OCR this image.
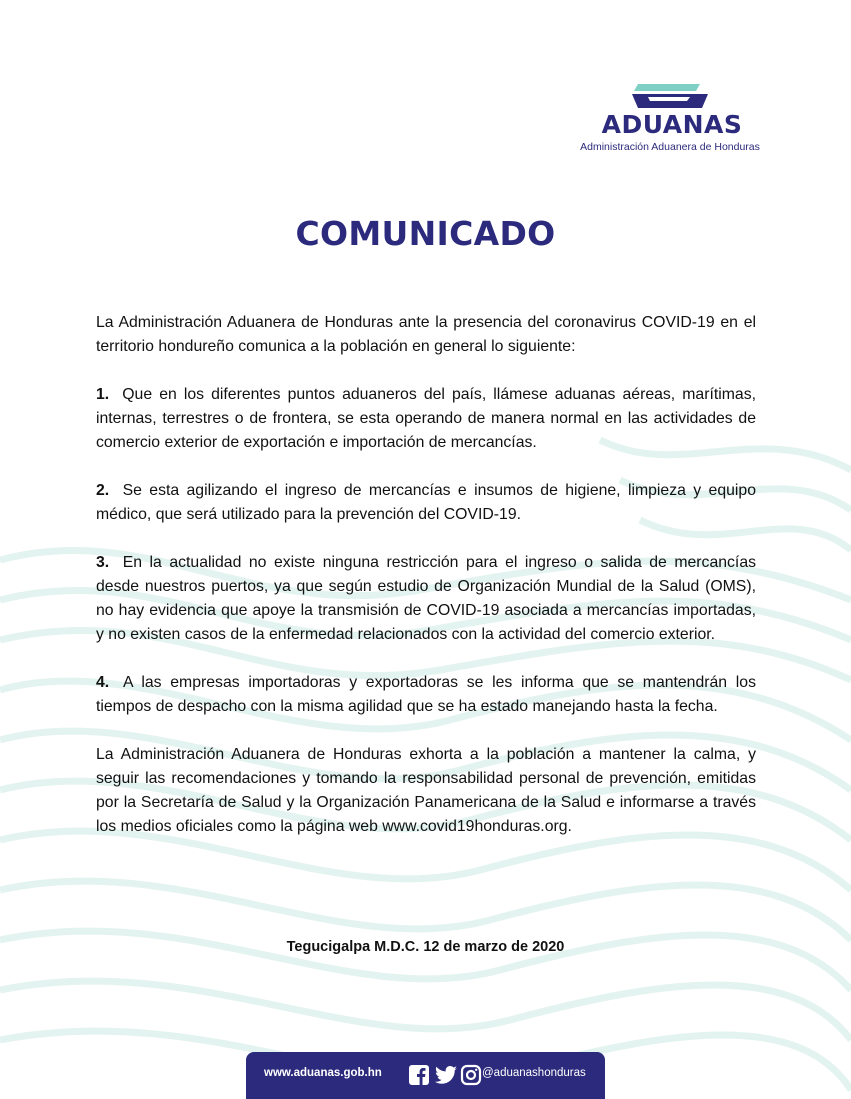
ADUANAS
Administración Aduanera de Honduras
COMUNICADO

La Administración Aduanera de Honduras ante la presencia del coronavirus COVID-19 en el territorio hondureño comunica a la población en general lo siguiente:

1. Que en los diferentes puntos aduaneros del país, llámese aduanas aéreas, marítimas, internas, terrestres o de frontera, se esta operando de manera normal en las actividades de comercio exterior de exportación e importación de mercancías.

2. Se esta agilizando el ingreso de mercancías e insumos de higiene, limpieza y equipo médico, que será utilizado para la prevención del COVID-19.

3. En la actualidad no existe ninguna restricción para el ingreso o salida de mercancías desde nuestros puertos, ya que según estudio de Organización Mundial de la Salud (OMS), no hay evidencia que apoye la transmisión de COVID-19 asociada a mercancías importadas, y no existen casos de la enfermedad relacionados con la actividad del comercio exterior.

4. A las empresas importadoras y exportadoras se les informa que se mantendrán los tiempos de despacho con la misma agilidad que se ha estado manejando hasta la fecha.

La Administración Aduanera de Honduras exhorta a la población a mantener la calma, y seguir las recomendaciones y tomando la responsabilidad personal de prevención, emitidas por la Secretaría de Salud y la Organización Panamericana de la Salud e informarse a través los medios oficiales como la página web www.covid19honduras.org.

Tegucigalpa M.D.C. 12 de marzo de 2020
www.aduanas.gob.hn	@aduanashonduras
